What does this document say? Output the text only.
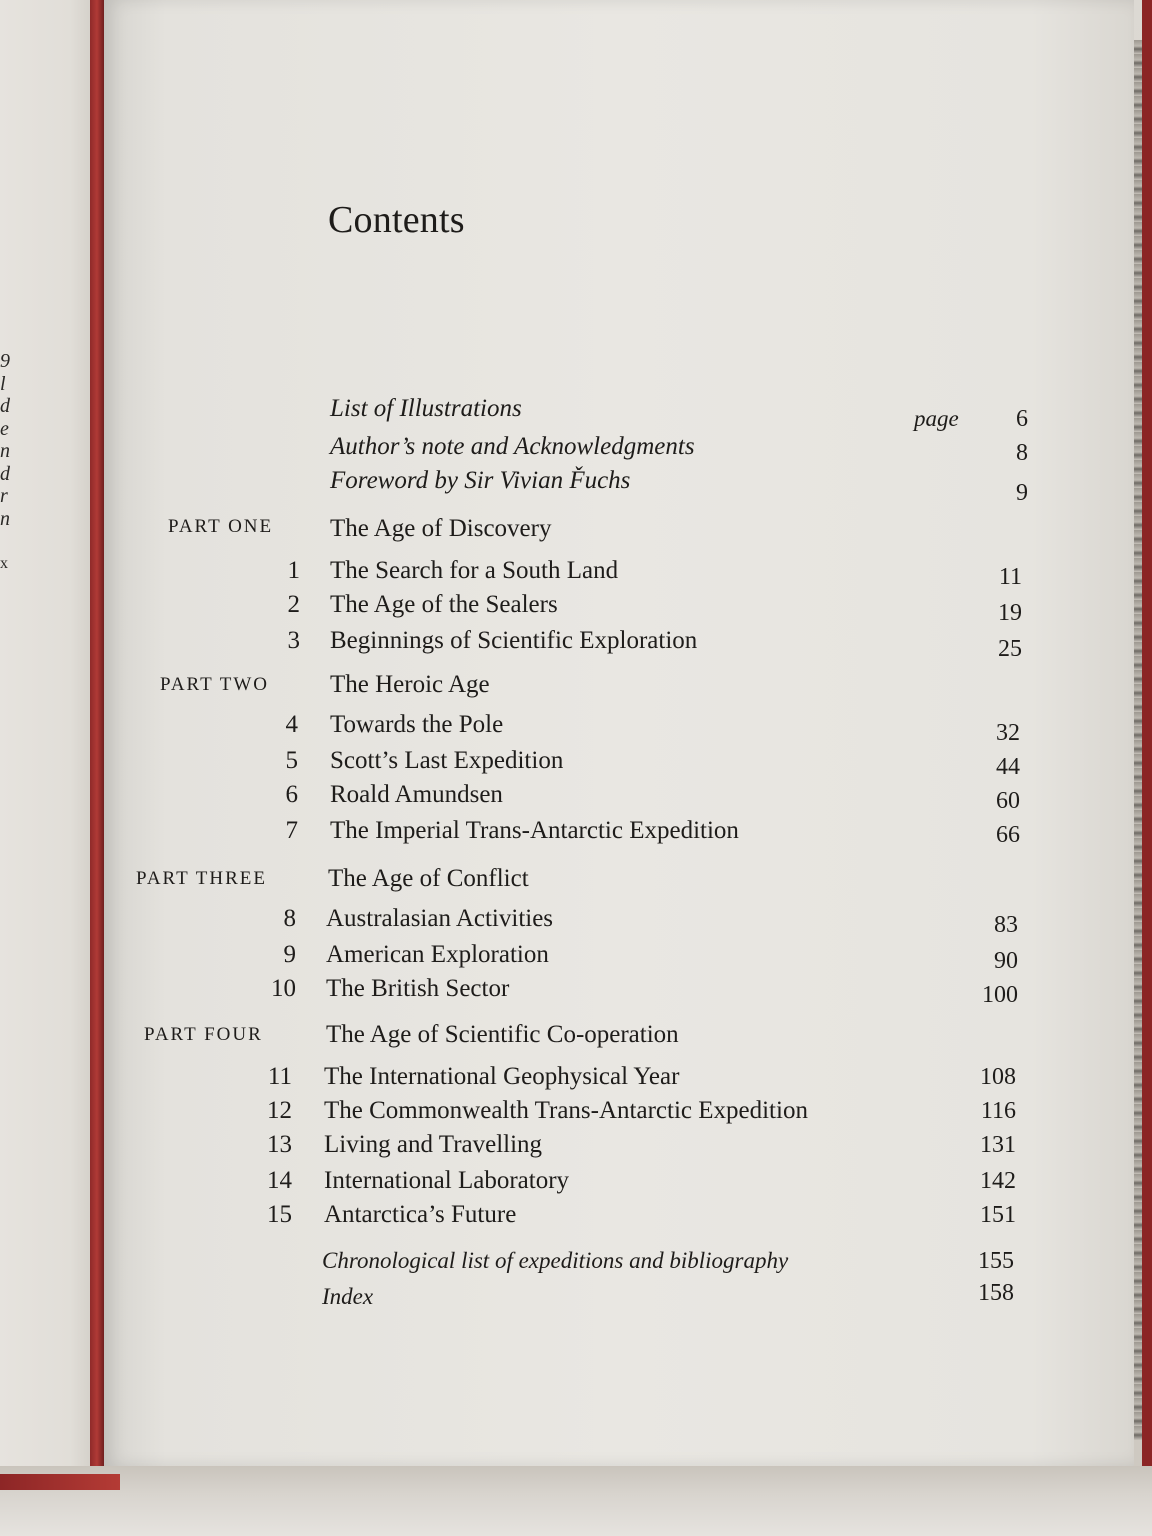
9
l
d
e
n
d
r
n

x
Contents
List of Illustrations	page	6
Author’s note and Acknowledgments	8
Foreword by Sir Vivian F̌uchs	9
PART ONE The Age of Discovery
1 The Search for a South Land	11
2 The Age of the Sealers	19
3 Beginnings of Scientific Exploration	25
PART TWO The Heroic Age
4 Towards the Pole	32
5 Scott’s Last Expedition	44
6 Roald Amundsen	60
7 The Imperial Trans-Antarctic Expedition	66
PART THREE The Age of Conflict
8 Australasian Activities	83
9 American Exploration	90
10 The British Sector	100
PART FOUR	The Age of Scientific Co-operation
11 The International Geophysical Year	108
12 The Commonwealth Trans-Antarctic Expedition	116
13 Living and Travelling	131
14 International Laboratory	142
15 Antarctica’s Future	151
Chronological list of expeditions and bibliography	155
Index	158
